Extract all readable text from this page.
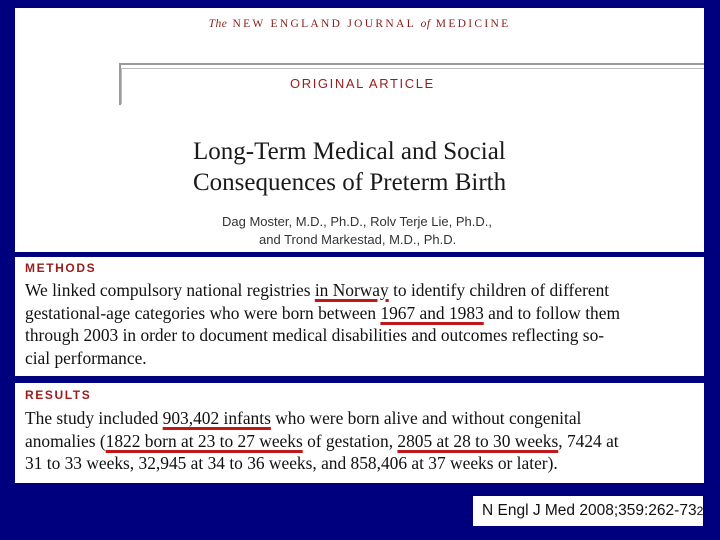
The NEW ENGLAND JOURNAL of MEDICINE
ORIGINAL ARTICLE
Long-Term Medical and Social
Consequences of Preterm Birth
Dag Moster, M.D., Ph.D., Rolv Terje Lie, Ph.D.,
and Trond Markestad, M.D., Ph.D.
METHODS
We linked compulsory national registries in Norway to identify children of different
gestational-age categories who were born between 1967 and 1983 and to follow them
through 2003 in order to document medical disabilities and outcomes reflecting so-
cial performance.
RESULTS
The study included 903,402 infants who were born alive and without congenital
anomalies (1822 born at 23 to 27 weeks of gestation, 2805 at 28 to 30 weeks, 7424 at
31 to 33 weeks, 32,945 at 34 to 36 weeks, and 858,406 at 37 weeks or later).
N Engl J Med 2008;359:262-732
